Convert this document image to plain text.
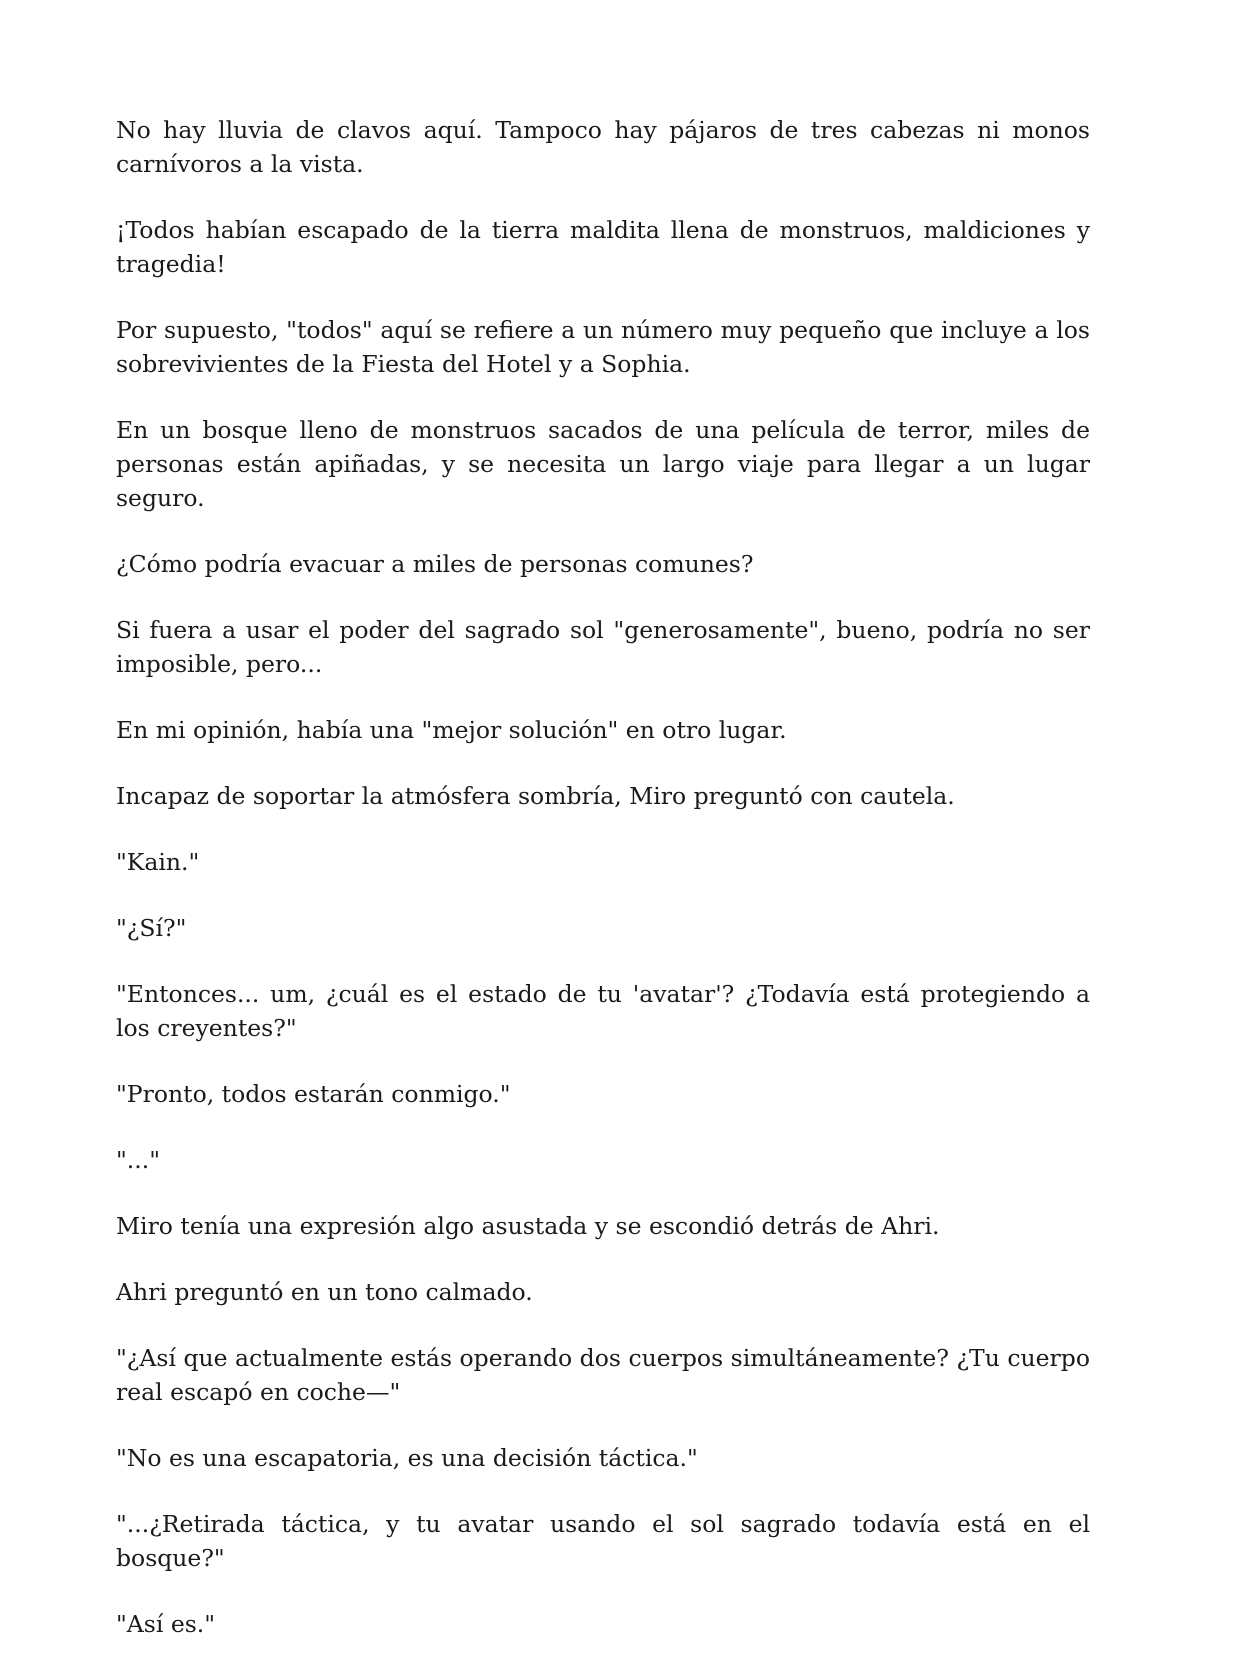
No hay lluvia de clavos aquí. Tampoco hay pájaros de tres cabezas ni monos carnívoros a la vista.

¡Todos habían escapado de la tierra maldita llena de monstruos, maldiciones y tragedia!

Por supuesto, "todos" aquí se refiere a un número muy pequeño que incluye a los sobrevivientes de la Fiesta del Hotel y a Sophia.

En un bosque lleno de monstruos sacados de una película de terror, miles de personas están apiñadas, y se necesita un largo viaje para llegar a un lugar seguro.

¿Cómo podría evacuar a miles de personas comunes?

Si fuera a usar el poder del sagrado sol "generosamente", bueno, podría no ser imposible, pero...

En mi opinión, había una "mejor solución" en otro lugar.

Incapaz de soportar la atmósfera sombría, Miro preguntó con cautela.

"Kain."

"¿Sí?"

"Entonces... um, ¿cuál es el estado de tu 'avatar'? ¿Todavía está protegiendo a los creyentes?"

"Pronto, todos estarán conmigo."

"..."

Miro tenía una expresión algo asustada y se escondió detrás de Ahri.

Ahri preguntó en un tono calmado.

"¿Así que actualmente estás operando dos cuerpos simultáneamente? ¿Tu cuerpo real escapó en coche—"

"No es una escapatoria, es una decisión táctica."

"...¿Retirada táctica, y tu avatar usando el sol sagrado todavía está en el bosque?"

"Así es."
